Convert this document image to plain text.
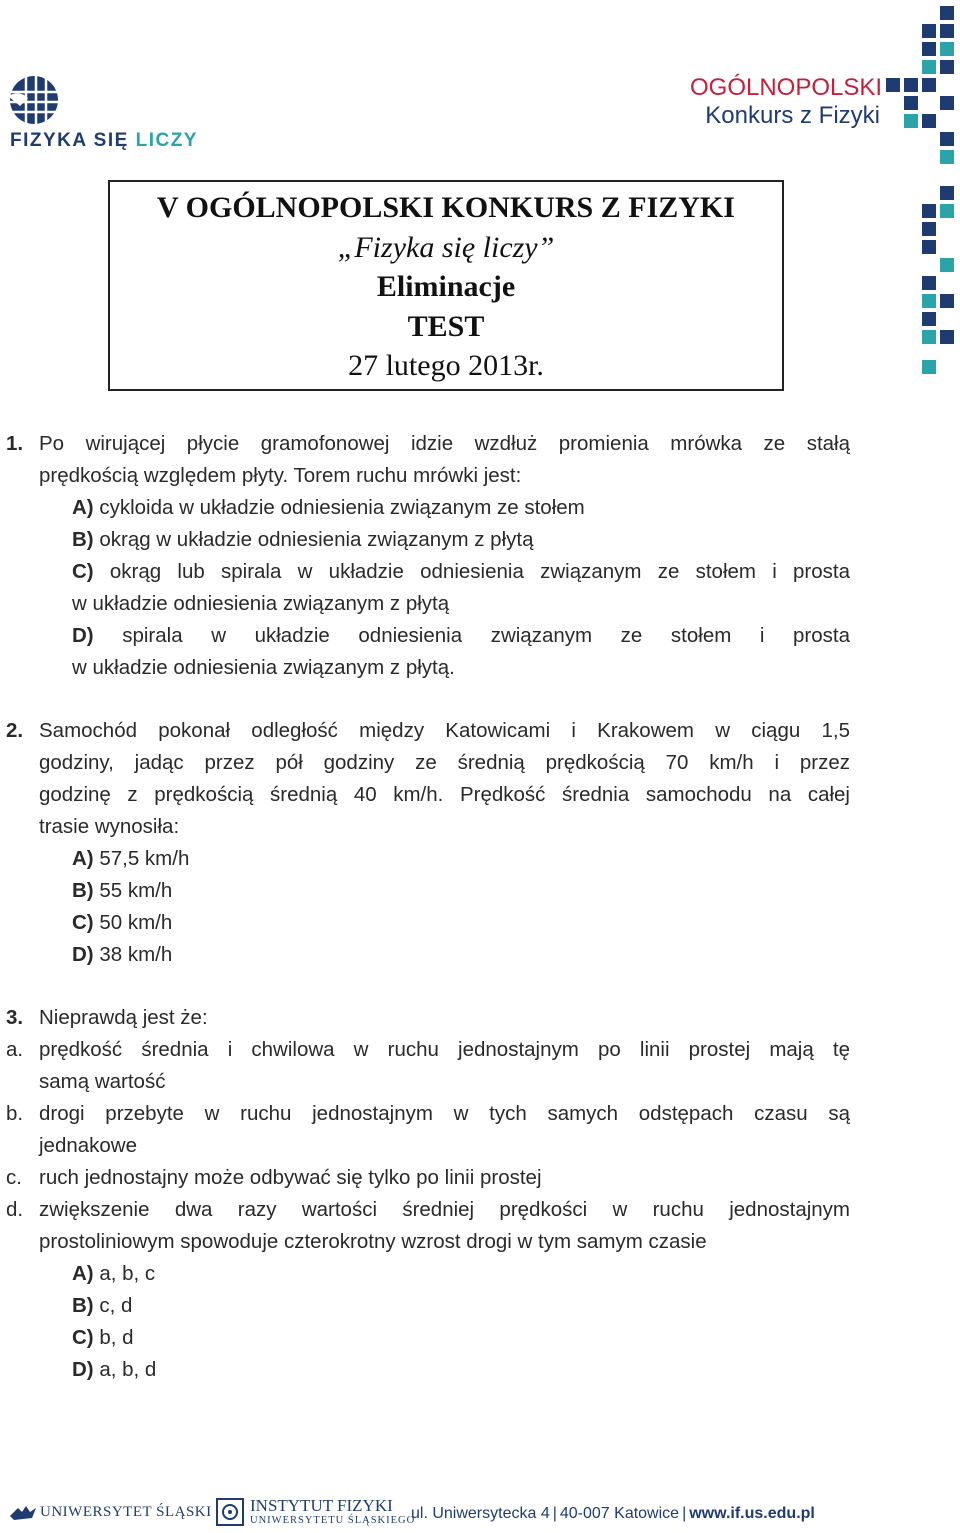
FIZYKA SIĘ LICZY
OGÓLNOPOLSKI
Konkurs z Fizyki
V OGÓLNOPOLSKI KONKURS Z FIZYKI
„Fizyka się liczy”
Eliminacje
TEST
27 lutego 2013r.
1. Po wirującej płycie gramofonowej idzie wzdłuż promienia mrówka ze stałą
prędkością względem płyty. Torem ruchu mrówki jest:
A) cykloida w układzie odniesienia związanym ze stołem
B) okrąg w układzie odniesienia związanym z płytą
C) okrąg lub spirala w układzie odniesienia związanym ze stołem i prosta
w układzie odniesienia związanym z płytą
D) spirala w układzie odniesienia związanym ze stołem i prosta
w układzie odniesienia związanym z płytą.
2. Samochód pokonał odległość między Katowicami i Krakowem w ciągu 1,5
godziny, jadąc przez pół godziny ze średnią prędkością 70 km/h i przez
godzinę z prędkością średnią 40 km/h. Prędkość średnia samochodu na całej
trasie wynosiła:
A) 57,5 km/h
B) 55 km/h
C) 50 km/h
D) 38 km/h
3. Nieprawdą jest że:
a. prędkość średnia i chwilowa w ruchu jednostajnym po linii prostej mają tę
samą wartość
b. drogi przebyte w ruchu jednostajnym w tych samych odstępach czasu są
jednakowe
c. ruch jednostajny może odbywać się tylko po linii prostej
d. zwiększenie dwa razy wartości średniej prędkości w ruchu jednostajnym
prostoliniowym spowoduje czterokrotny wzrost drogi w tym samym czasie
A) a, b, c
B) c, d
C) b, d
D) a, b, d
UNIWERSYTET ŚLĄSKI INSTYTUT FIZYKI
UNIWERSYTETU ŚLĄSKIEGO
ul. Uniwersytecka 4 | 40-007 Katowice | www.if.us.edu.pl
